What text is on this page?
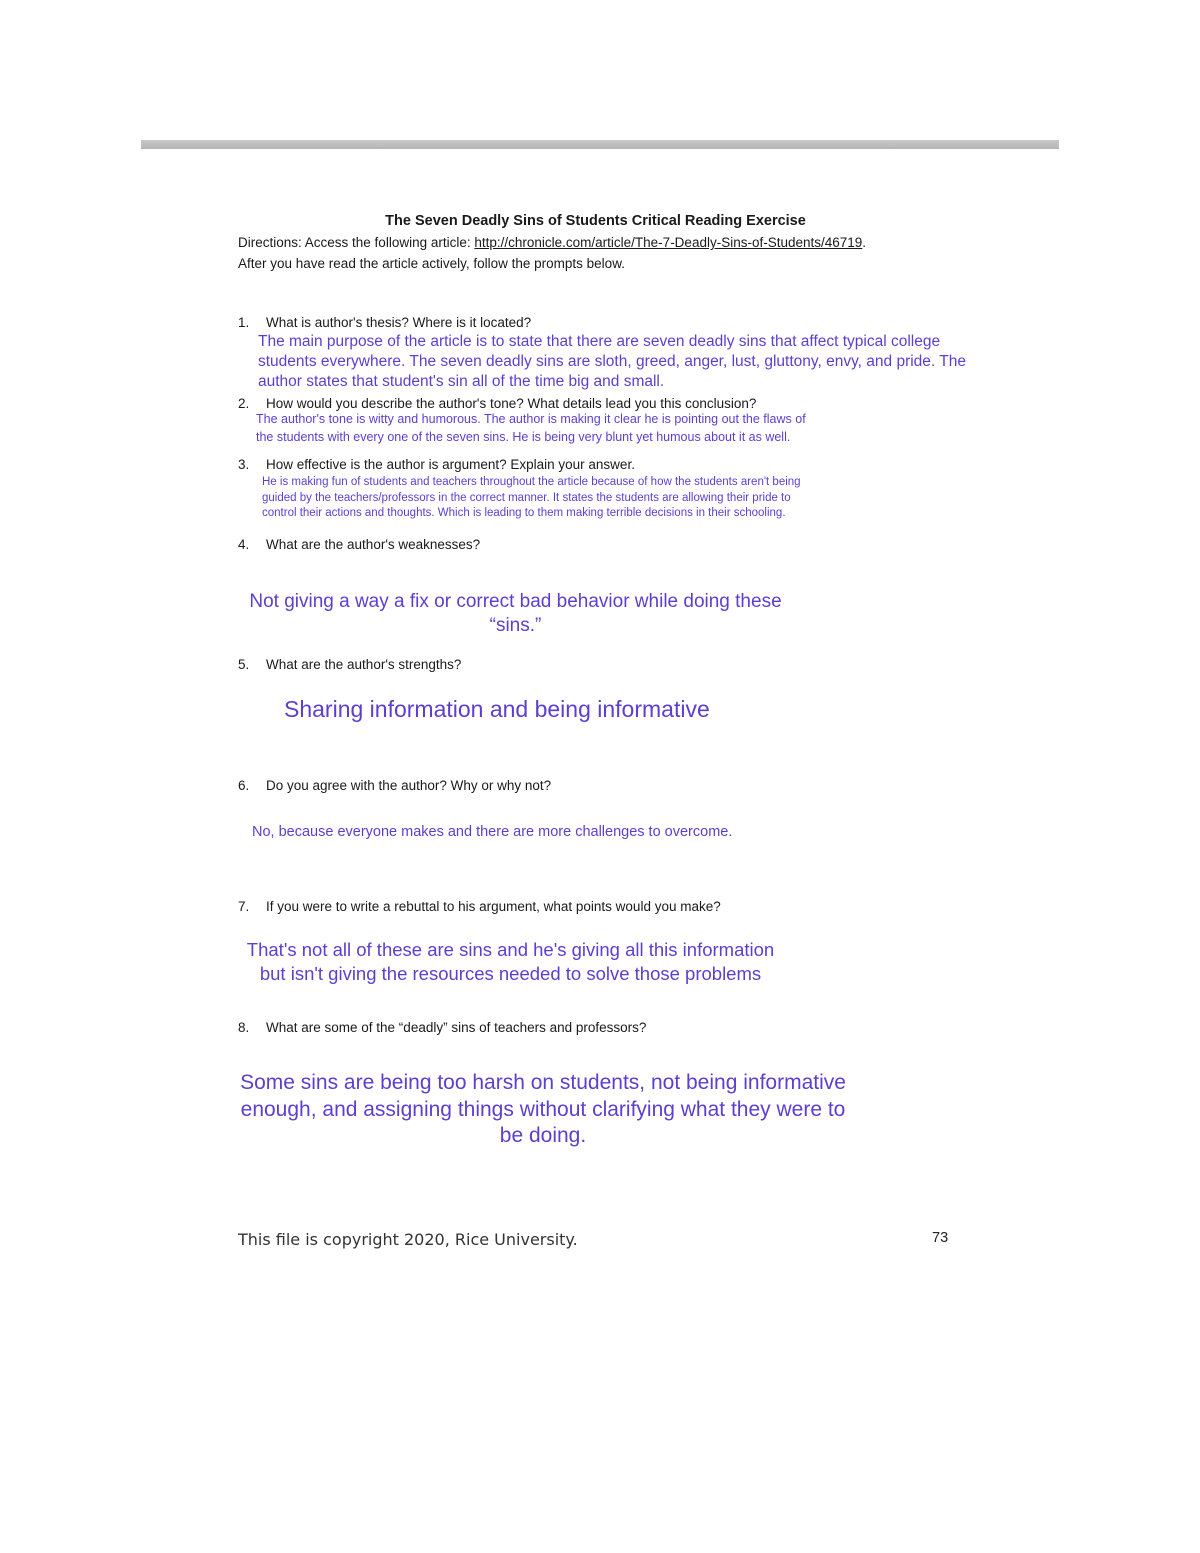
The Seven Deadly Sins of Students Critical Reading Exercise
Directions: Access the following article: http://chronicle.com/article/The-7-Deadly-Sins-of-Students/46719.
After you have read the article actively, follow the prompts below.
1. What is author's thesis? Where is it located?
The main purpose of the article is to state that there are seven deadly sins that affect typical college students everywhere. The seven deadly sins are sloth, greed, anger, lust, gluttony, envy, and pride. The author states that student's sin all of the time big and small.
2. How would you describe the author's tone? What details lead you this conclusion?
The author's tone is witty and humorous. The author is making it clear he is pointing out the flaws of the students with every one of the seven sins. He is being very blunt yet humous about it as well.
3. How effective is the author is argument? Explain your answer.
He is making fun of students and teachers throughout the article because of how the students aren't being guided by the teachers/professors in the correct manner. It states the students are allowing their pride to control their actions and thoughts. Which is leading to them making terrible decisions in their schooling.
4. What are the author's weaknesses?
Not giving a way a fix or correct bad behavior while doing these “sins.”
5. What are the author's strengths?
Sharing information and being informative
6. Do you agree with the author? Why or why not?
No, because everyone makes and there are more challenges to overcome.
7. If you were to write a rebuttal to his argument, what points would you make?
That's not all of these are sins and he's giving all this information but isn't giving the resources needed to solve those problems
8. What are some of the “deadly” sins of teachers and professors?
Some sins are being too harsh on students, not being informative enough, and assigning things without clarifying what they were to be doing.
This file is copyright 2020, Rice University.	73
